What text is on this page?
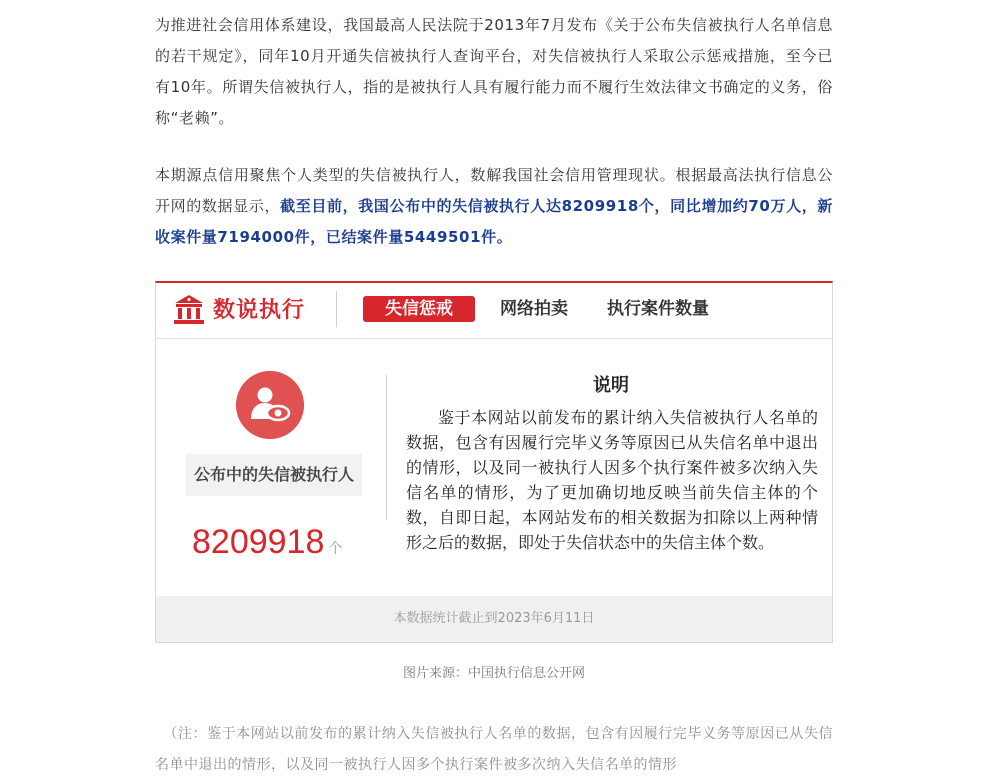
为推进社会信用体系建设，我国最高人民法院于2013年7月发布《关于公布失信被执行人名单信息的若干规定》，同年10月开通失信被执行人查询平台，对失信被执行人采取公示惩戒措施，至今已有10年。所谓失信被执行人，指的是被执行人具有履行能力而不履行生效法律文书确定的义务，俗称“老赖”。

本期源点信用聚焦个人类型的失信被执行人，数解我国社会信用管理现状。根据最高法执行信息公开网的数据显示，截至目前，我国公布中的失信被执行人达8209918个，同比增加约70万人，新收案件量7194000件，已结案件量5449501件。

数说执行	失信惩戒	网络拍卖	执行案件数量
公布中的失信被执行人
8209918 个
说明

鉴于本网站以前发布的累计纳入失信被执行人名单的数据，包含有因履行完毕义务等原因已从失信名单中退出的情形，以及同一被执行人因多个执行案件被多次纳入失信名单的情形，为了更加确切地反映当前失信主体的个数，自即日起，本网站发布的相关数据为扣除以上两种情形之后的数据，即处于失信状态中的失信主体个数。

本数据统计截止到2023年6月11日
图片来源：中国执行信息公开网

（注：鉴于本网站以前发布的累计纳入失信被执行人名单的数据，包含有因履行完毕义务等原因已从失信名单中退出的情形，以及同一被执行人因多个执行案件被多次纳入失信名单的情形
